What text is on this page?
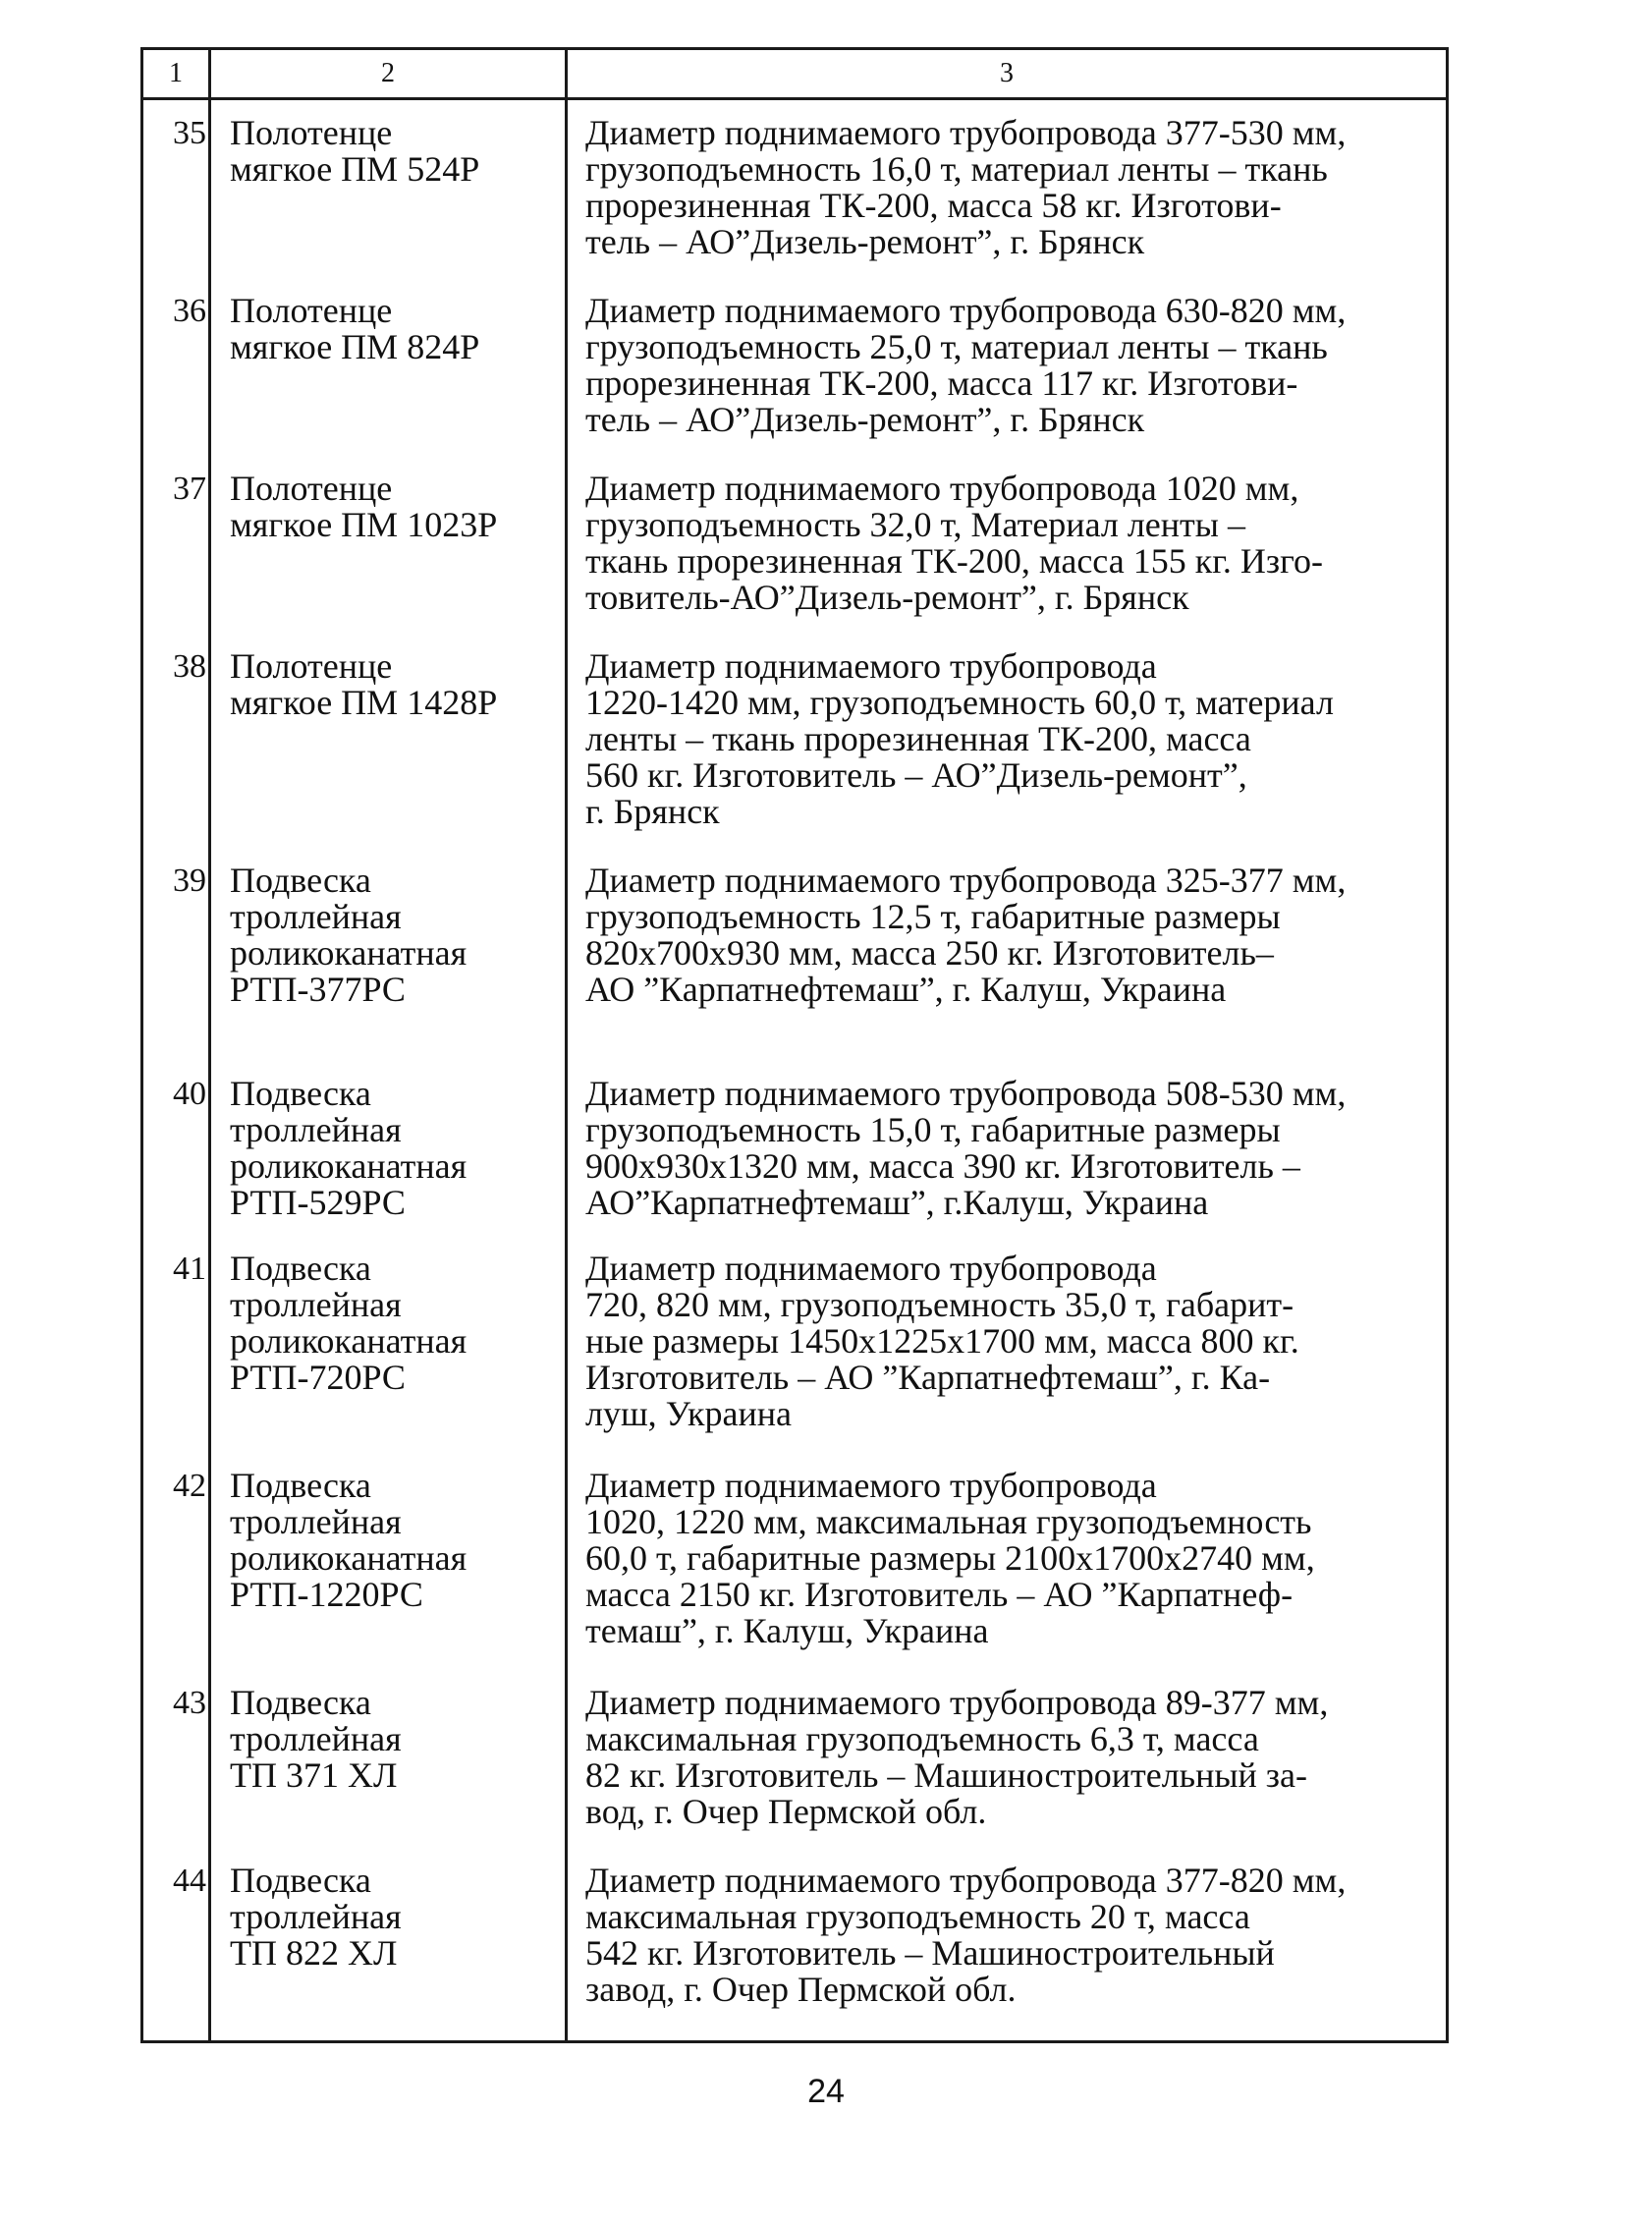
1	2	3
35 Полотенце
мягкое ПМ 524Р
Диаметр поднимаемого трубопровода 377-530 мм,
грузоподъемность 16,0 т, материал ленты – ткань
прорезиненная ТК-200, масса 58 кг. Изготови-
тель – АО”Дизель-ремонт”, г. Брянск
36 Полотенце
мягкое ПМ 824Р
Диаметр поднимаемого трубопровода 630-820 мм,
грузоподъемность 25,0 т, материал ленты – ткань
прорезиненная ТК-200, масса 117 кг. Изготови-
тель – АО”Дизель-ремонт”, г. Брянск
37 Полотенце
мягкое ПМ 1023Р
Диаметр поднимаемого трубопровода 1020 мм,
грузоподъемность 32,0 т, Материал ленты –
ткань прорезиненная ТК-200, масса 155 кг. Изго-
товитель-АО”Дизель-ремонт”, г. Брянск
38 Полотенце
мягкое ПМ 1428Р
Диаметр поднимаемого трубопровода
1220-1420 мм, грузоподъемность 60,0 т, материал
ленты – ткань прорезиненная ТК-200, масса
560 кг. Изготовитель – АО”Дизель-ремонт”,
г. Брянск
39 Подвеска
троллейная
роликоканатная
РТП-377РС
Диаметр поднимаемого трубопровода 325-377 мм,
грузоподъемность 12,5 т, габаритные размеры
820x700x930 мм, масса 250 кг. Изготовитель–
АО ”Карпатнефтемаш”, г. Калуш, Украина
40 Подвеска
троллейная
роликоканатная
РТП-529РС
Диаметр поднимаемого трубопровода 508-530 мм,
грузоподъемность 15,0 т, габаритные размеры
900x930x1320 мм, масса 390 кг. Изготовитель –
АО”Карпатнефтемаш”, г.Калуш, Украина
41 Подвеска
троллейная
роликоканатная
РТП-720РС
Диаметр поднимаемого трубопровода
720, 820 мм, грузоподъемность 35,0 т, габарит-
ные размеры 1450x1225x1700 мм, масса 800 кг.
Изготовитель – АО ”Карпатнефтемаш”, г. Ка-
луш, Украина
42 Подвеска
троллейная
роликоканатная
РТП-1220РС
Диаметр поднимаемого трубопровода
1020, 1220 мм, максимальная грузоподъемность
60,0 т, габаритные размеры 2100x1700x2740 мм,
масса 2150 кг. Изготовитель – АО ”Карпатнеф-
темаш”, г. Калуш, Украина
43 Подвеска
троллейная
ТП 371 ХЛ
Диаметр поднимаемого трубопровода 89-377 мм,
максимальная грузоподъемность 6,3 т, масса
82 кг. Изготовитель – Машиностроительный за-
вод, г. Очер Пермской обл.
44 Подвеска
троллейная
ТП 822 ХЛ
Диаметр поднимаемого трубопровода 377-820 мм,
максимальная грузоподъемность 20 т, масса
542 кг. Изготовитель – Машиностроительный
завод, г. Очер Пермской обл.
24
